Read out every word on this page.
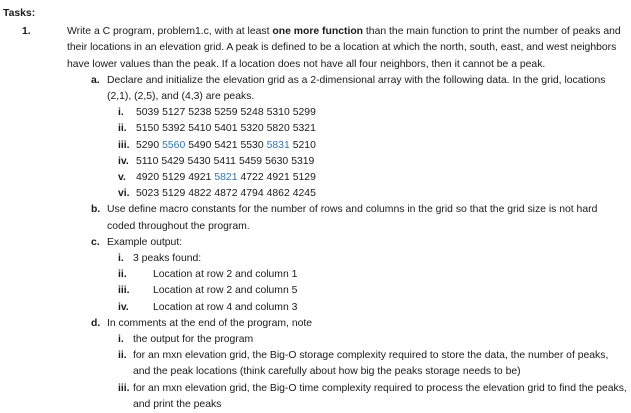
Tasks:
1.	Write a C program, problem1.c, with at least one more function than the main function to print the number of peaks and their locations in an elevation grid. A peak is defined to be a location at which the north, south, east, and west neighbors have lower values than the peak. If a location does not have all four neighbors, then it cannot be a peak.
a. Declare and initialize the elevation grid as a 2-dimensional array with the following data. In the grid, locations (2,1), (2,5), and (4,3) are peaks.
i. 5039 5127 5238 5259 5248 5310 5299
ii. 5150 5392 5410 5401 5320 5820 5321
iii. 5290 5560 5490 5421 5530 5831 5210
iv. 5110 5429 5430 5411 5459 5630 5319
v. 4920 5129 4921 5821 4722 4921 5129
vi. 5023 5129 4822 4872 4794 4862 4245
b. Use define macro constants for the number of rows and columns in the grid so that the grid size is not hard coded throughout the program.
c. Example output:
i. 3 peaks found:
ii.	Location at row 2 and column 1
iii. Location at row 2 and column 5
iv. Location at row 4 and column 3
d. In comments at the end of the program, note
i. the output for the program
ii. for an mxn elevation grid, the Big-O storage complexity required to store the data, the number of peaks, and the peak locations (think carefully about how big the peaks storage needs to be)
iii. for an mxn elevation grid, the Big-O time complexity required to process the elevation grid to find the peaks, and print the peaks
